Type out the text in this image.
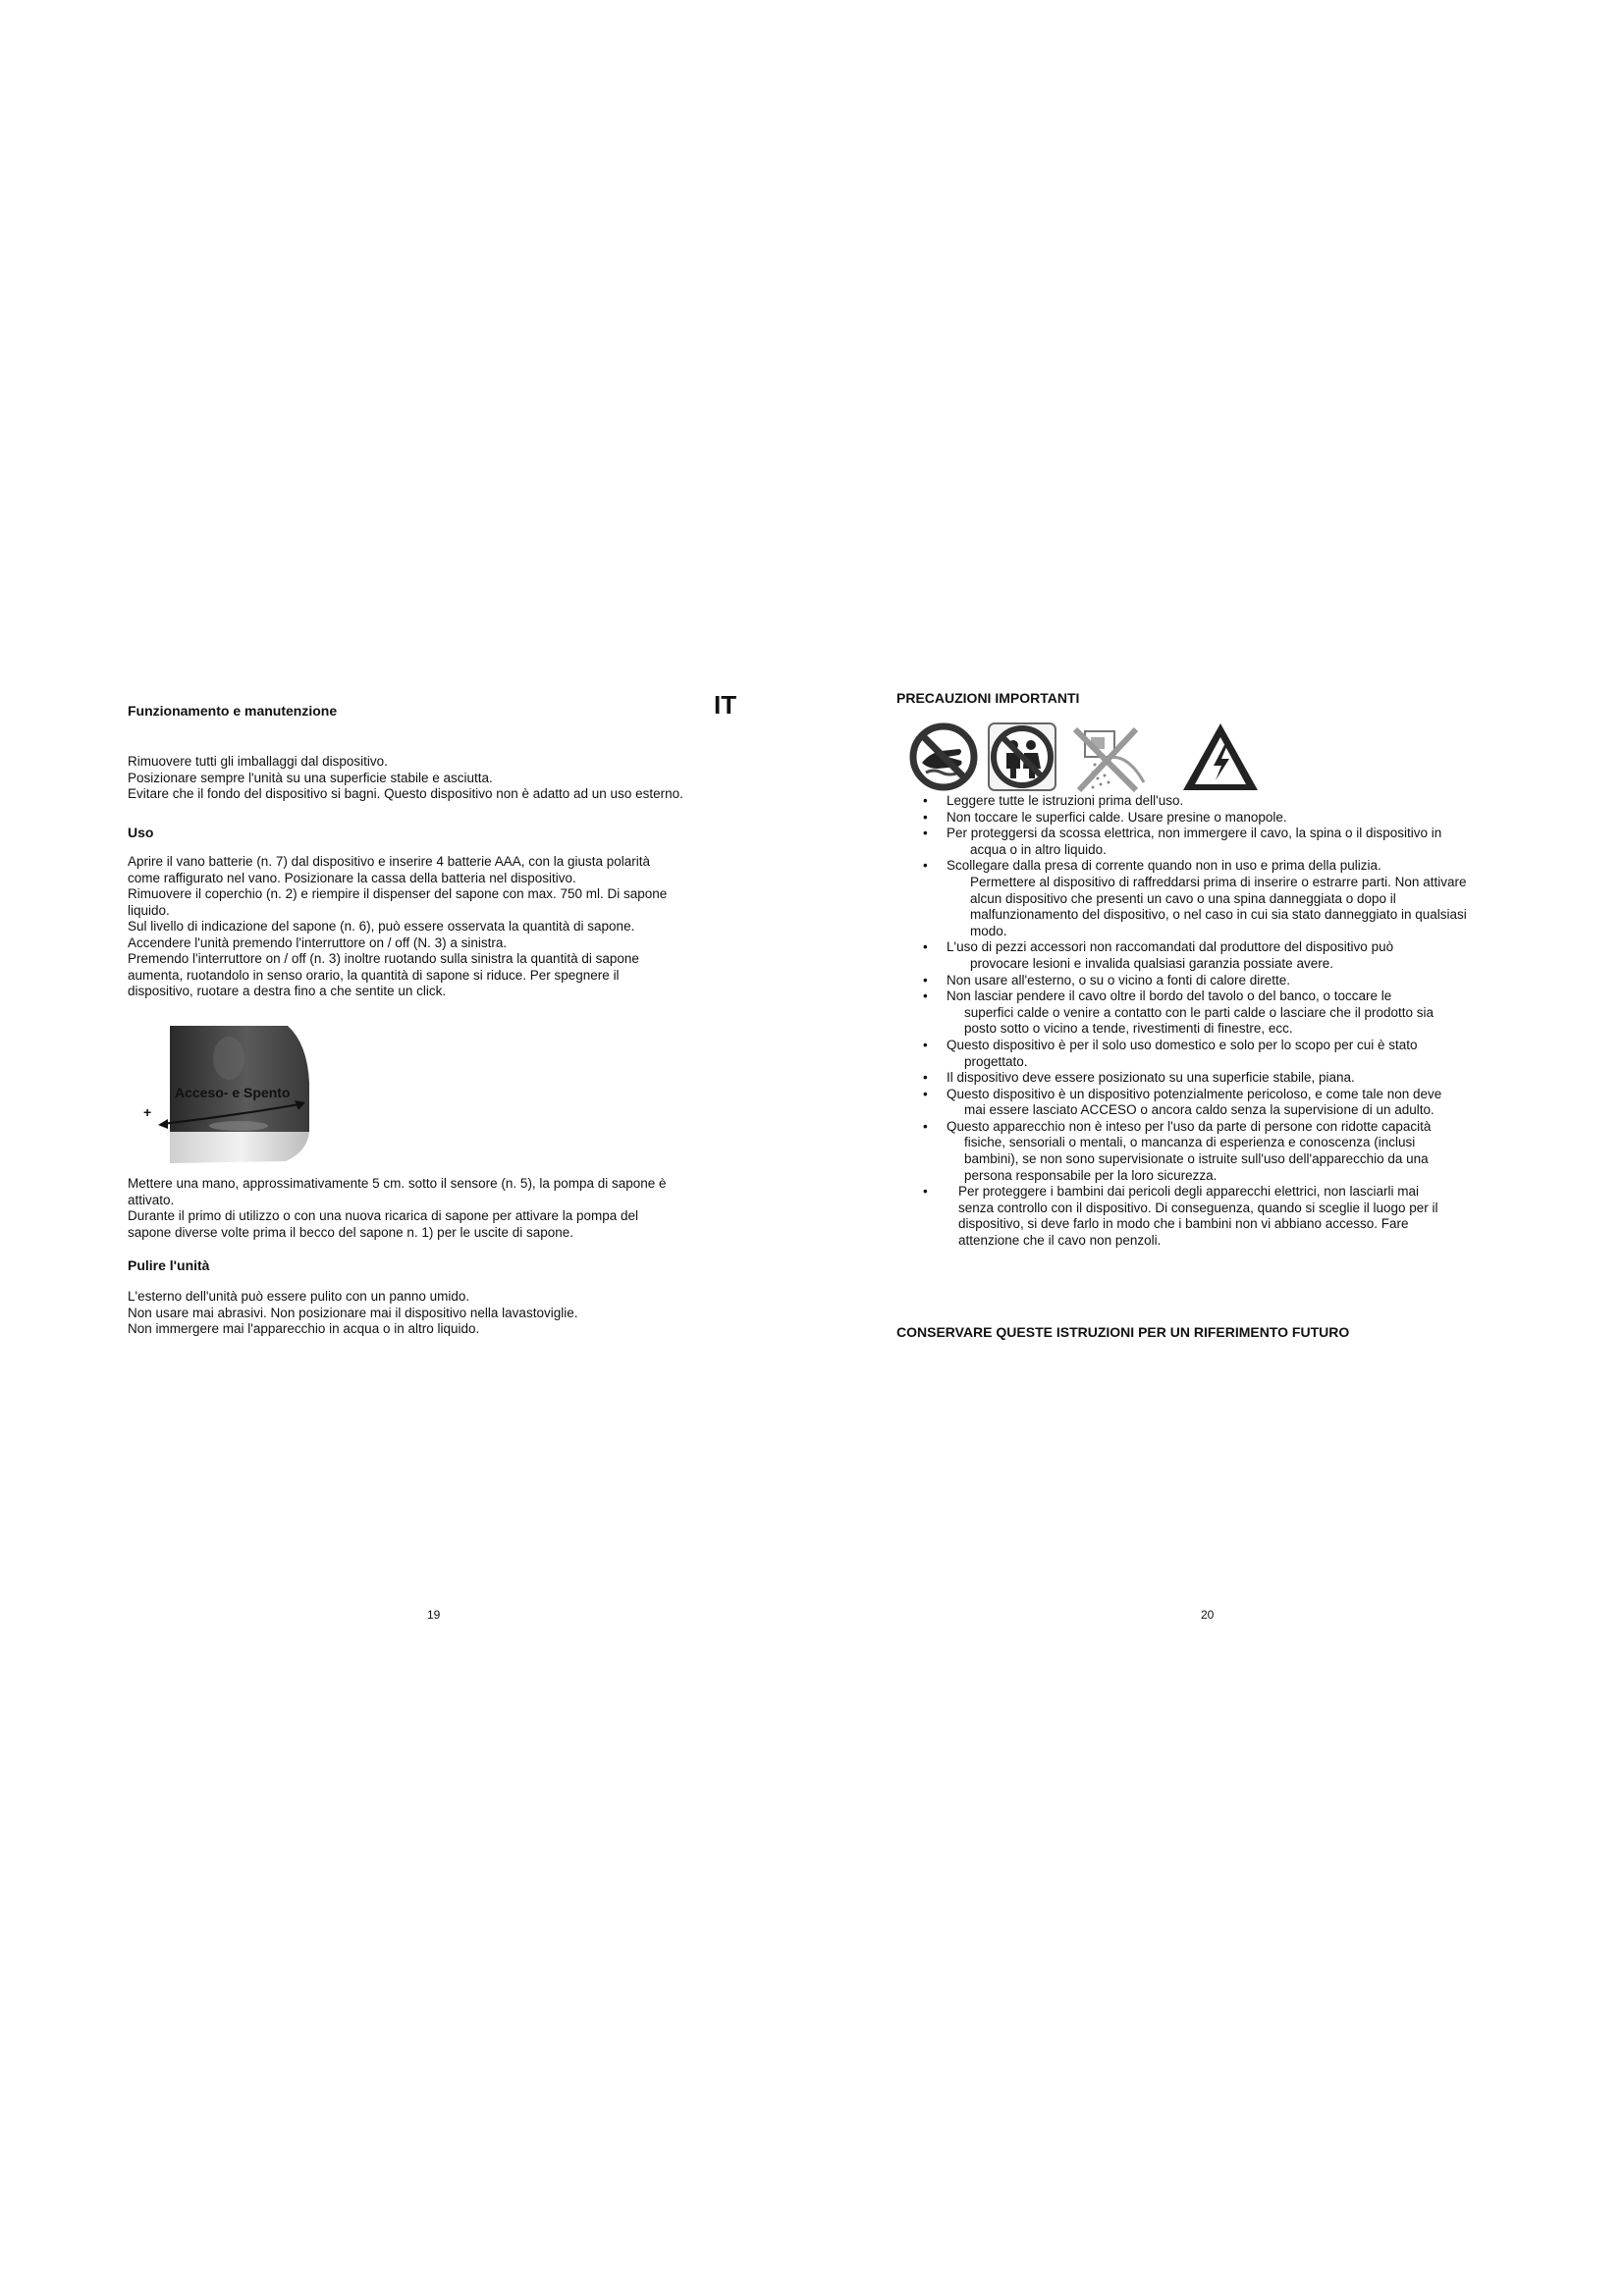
Funzionamento e manutenzione	IT
Rimuovere tutti gli imballaggi dal dispositivo.
Posizionare sempre l'unità su una superficie stabile e asciutta.
Evitare che il fondo del dispositivo si bagni. Questo dispositivo non è adatto ad un uso esterno.
Uso
Aprire il vano batterie (n. 7) dal dispositivo e inserire 4 batterie AAA, con la giusta polarità
come raffigurato nel vano. Posizionare la cassa della batteria nel dispositivo.
Rimuovere il coperchio (n. 2) e riempire il dispenser del sapone con max. 750 ml. Di sapone
liquido.
Sul livello di indicazione del sapone (n. 6), può essere osservata la quantità di sapone.
Accendere l'unità premendo l'interruttore on / off (N. 3) a sinistra.
Premendo l'interruttore on / off (n. 3) inoltre ruotando sulla sinistra la quantità di sapone
aumenta, ruotandolo in senso orario, la quantità di sapone si riduce. Per spegnere il
dispositivo, ruotare a destra fino a che sentite un click.
Acceso- e Spento
+
Mettere una mano, approssimativamente 5 cm. sotto il sensore (n. 5), la pompa di sapone è
attivato.
Durante il primo di utilizzo o con una nuova ricarica di sapone per attivare la pompa del
sapone diverse volte prima il becco del sapone n. 1) per le uscite di sapone.
Pulire l'unità
L'esterno dell'unità può essere pulito con un panno umido.
Non usare mai abrasivi. Non posizionare mai il dispositivo nella lavastoviglie.
Non immergere mai l'apparecchio in acqua o in altro liquido.
19
PRECAUZIONI IMPORTANTI
20
CONSERVARE QUESTE ISTRUZIONI PER UN RIFERIMENTO FUTURO
• Leggere tutte le istruzioni prima dell'uso.
• Non toccare le superfici calde. Usare presine o manopole.
• Per proteggersi da scossa elettrica, non immergere il cavo, la spina o il dispositivo in
acqua o in altro liquido.
• Scollegare dalla presa di corrente quando non in uso e prima della pulizia.
Permettere al dispositivo di raffreddarsi prima di inserire o estrarre parti. Non attivare
alcun dispositivo che presenti un cavo o una spina danneggiata o dopo il
malfunzionamento del dispositivo, o nel caso in cui sia stato danneggiato in qualsiasi
modo.
• L'uso di pezzi accessori non raccomandati dal produttore del dispositivo può
provocare lesioni e invalida qualsiasi garanzia possiate avere.
• Non usare all'esterno, o su o vicino a fonti di calore dirette.
• Non lasciar pendere il cavo oltre il bordo del tavolo o del banco, o toccare le
superfici calde o venire a contatto con le parti calde o lasciare che il prodotto sia
posto sotto o vicino a tende, rivestimenti di finestre, ecc.
• Questo dispositivo è per il solo uso domestico e solo per lo scopo per cui è stato
progettato.
• Il dispositivo deve essere posizionato su una superficie stabile, piana.
• Questo dispositivo è un dispositivo potenzialmente pericoloso, e come tale non deve
mai essere lasciato ACCESO o ancora caldo senza la supervisione di un adulto.
• Questo apparecchio non è inteso per l'uso da parte di persone con ridotte capacità
fisiche, sensoriali o mentali, o mancanza di esperienza e conoscenza (inclusi
bambini), se non sono supervisionate o istruite sull'uso dell'apparecchio da una
persona responsabile per la loro sicurezza.
• Per proteggere i bambini dai pericoli degli apparecchi elettrici, non lasciarli mai
senza controllo con il dispositivo. Di conseguenza, quando si sceglie il luogo per il
dispositivo, si deve farlo in modo che i bambini non vi abbiano accesso. Fare
attenzione che il cavo non penzoli.
